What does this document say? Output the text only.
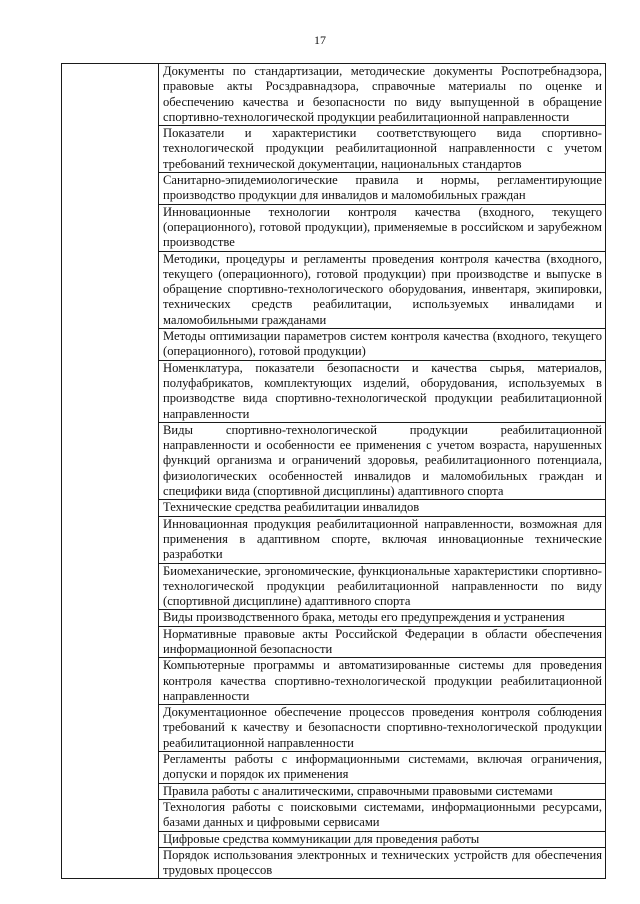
17
	Документы по стандартизации, методические документы Роспотребнадзора, правовые акты Росздравнадзора, справочные материалы по оценке и обеспечению качества и безопасности по виду выпущенной в обращение спортивно-технологической продукции реабилитационной направленности
Показатели и характеристики соответствующего вида спортивно-технологической продукции реабилитационной направленности с учетом требований технической документации, национальных стандартов
Санитарно-эпидемиологические правила и нормы, регламентирующие производство продукции для инвалидов и маломобильных граждан
Инновационные технологии контроля качества (входного, текущего (операционного), готовой продукции), применяемые в российском и зарубежном производстве
Методики, процедуры и регламенты проведения контроля качества (входного, текущего (операционного), готовой продукции) при производстве и выпуске в обращение спортивно-технологического оборудования, инвентаря, экипировки, технических средств реабилитации, используемых инвалидами и маломобильными гражданами
Методы оптимизации параметров систем контроля качества (входного, текущего (операционного), готовой продукции)
Номенклатура, показатели безопасности и качества сырья, материалов, полуфабрикатов, комплектующих изделий, оборудования, используемых в производстве вида спортивно-технологической продукции реабилитационной направленности
Виды спортивно-технологической продукции реабилитационной направленности и особенности ее применения с учетом возраста, нарушенных функций организма и ограничений здоровья, реабилитационного потенциала, физиологических особенностей инвалидов и маломобильных граждан и специфики вида (спортивной дисциплины) адаптивного спорта
Технические средства реабилитации инвалидов
Инновационная продукция реабилитационной направленности, возможная для применения в адаптивном спорте, включая инновационные технические разработки
Биомеханические, эргономические, функциональные характеристики спортивно-технологической продукции реабилитационной направленности по виду (спортивной дисциплине) адаптивного спорта
Виды производственного брака, методы его предупреждения и устранения
Нормативные правовые акты Российской Федерации в области обеспечения информационной безопасности
Компьютерные программы и автоматизированные системы для проведения контроля качества спортивно-технологической продукции реабилитационной направленности
Документационное обеспечение процессов проведения контроля соблюдения требований к качеству и безопасности спортивно-технологической продукции реабилитационной направленности
Регламенты работы с информационными системами, включая ограничения, допуски и порядок их применения
Правила работы с аналитическими, справочными правовыми системами
Технология работы с поисковыми системами, информационными ресурсами, базами данных и цифровыми сервисами
Цифровые средства коммуникации для проведения работы
Порядок использования электронных и технических устройств для обеспечения трудовых процессов
